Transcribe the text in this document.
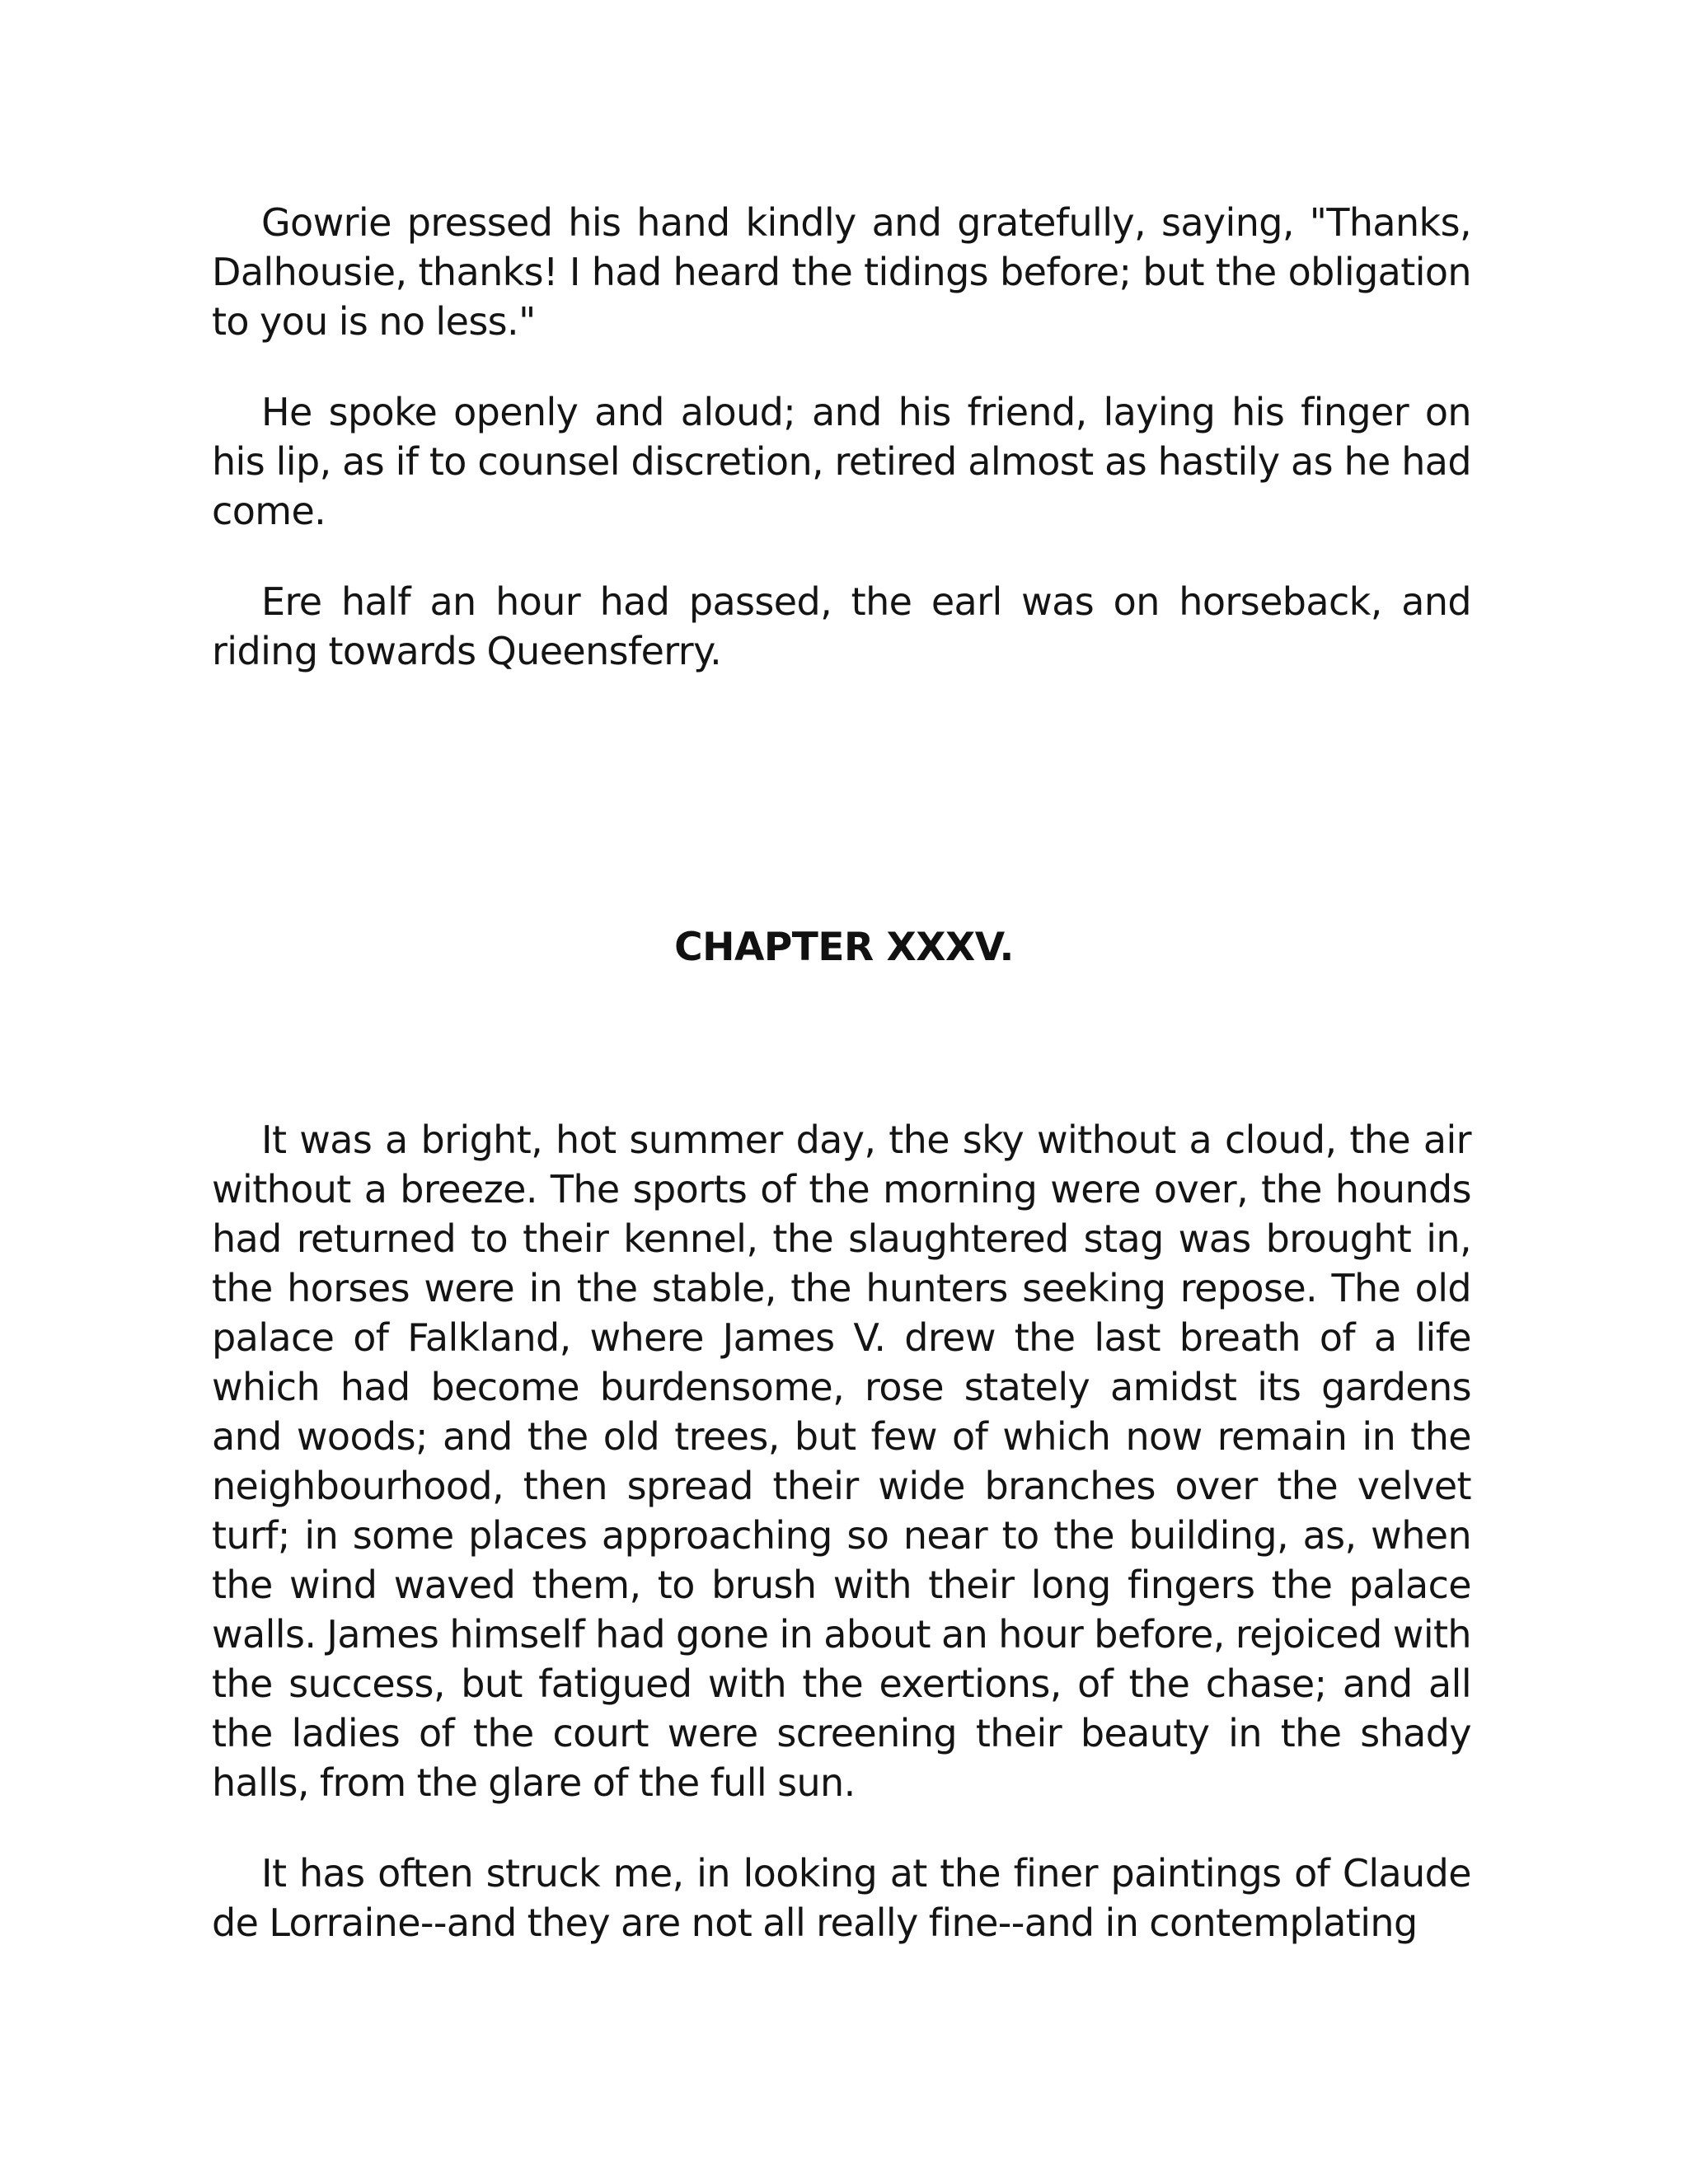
Gowrie pressed his hand kindly and gratefully, saying, "Thanks, Dalhousie, thanks! I had heard the tidings before; but the obligation to you is no less."

He spoke openly and aloud; and his friend, laying his finger on his lip, as if to counsel discretion, retired almost as hastily as he had come.

Ere half an hour had passed, the earl was on horseback, and riding towards Queensferry.

CHAPTER XXXV.

It was a bright, hot summer day, the sky without a cloud, the air without a breeze. The sports of the morning were over, the hounds had returned to their kennel, the slaughtered stag was brought in, the horses were in the stable, the hunters seeking repose. The old palace of Falkland, where James V. drew the last breath of a life which had become burdensome, rose stately amidst its gardens and woods; and the old trees, but few of which now remain in the neighbourhood, then spread their wide branches over the velvet turf; in some places approaching so near to the building, as, when the wind waved them, to brush with their long fingers the palace walls. James himself had gone in about an hour before, rejoiced with the success, but fatigued with the exertions, of the chase; and all the ladies of the court were screening their beauty in the shady halls, from the glare of the full sun.

It has often struck me, in looking at the finer paintings of Claude de Lorraine--and they are not all really fine--and in contemplating
